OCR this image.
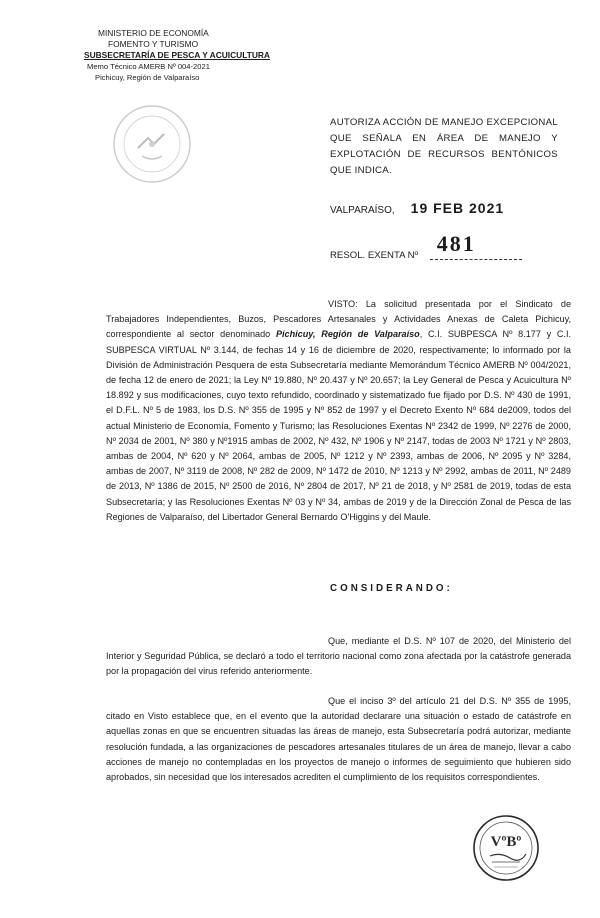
MINISTERIO DE ECONOMÍA
FOMENTO Y TURISMO
SUBSECRETARÍA DE PESCA Y ACUICULTURA
Memo Técnico AMERB Nº 004-2021
Pichicuy, Región de Valparaíso
AUTORIZA ACCIÓN DE MANEJO EXCEPCIONAL QUE SEÑALA EN ÁREA DE MANEJO Y EXPLOTACIÓN DE RECURSOS BENTÓNICOS QUE INDICA.
VALPARAÍSO, 19 FEB 2021
RESOL. EXENTA Nº 481
VISTO: La solicitud presentada por el Sindicato de Trabajadores Independientes, Buzos, Pescadores Artesanales y Actividades Anexas de Caleta Pichicuy, correspondiente al sector denominado Pichicuy, Región de Valparaíso, C.I. SUBPESCA Nº 8.177 y C.I. SUBPESCA VIRTUAL Nº 3.144, de fechas 14 y 16 de diciembre de 2020, respectivamente; lo informado por la División de Administración Pesquera de esta Subsecretaría mediante Memorándum Técnico AMERB Nº 004/2021, de fecha 12 de enero de 2021; la Ley Nº 19.880, Nº 20.437 y Nº 20.657; la Ley General de Pesca y Acuicultura Nº 18.892 y sus modificaciones, cuyo texto refundido, coordinado y sistematizado fue fijado por D.S. Nº 430 de 1991, el D.F.L. Nº 5 de 1983, los D.S. Nº 355 de 1995 y Nº 852 de 1997 y el Decreto Exento Nº 684 de2009, todos del actual Ministerio de Economía, Fomento y Turismo; las Resoluciones Exentas Nº 2342 de 1999, Nº 2276 de 2000, Nº 2034 de 2001, Nº 380 y Nº1915 ambas de 2002, Nº 432, Nº 1906 y Nº 2147, todas de 2003 Nº 1721 y Nº 2803, ambas de 2004, Nº 620 y Nº 2064, ambas de 2005, Nº 1212 y Nº 2393, ambas de 2006, Nº 2095 y Nº 3284, ambas de 2007, Nº 3119 de 2008, Nº 282 de 2009, Nº 1472 de 2010, Nº 1213 y Nº 2992, ambas de 2011, Nº 2489 de 2013, Nº 1386 de 2015, Nº 2500 de 2016, Nº 2804 de 2017, Nº 21 de 2018, y Nº 2581 de 2019, todas de esta Subsecretaría; y las Resoluciones Exentas Nº 03 y Nº 34, ambas de 2019 y de la Dirección Zonal de Pesca de las Regiones de Valparaíso, del Libertador General Bernardo O'Higgins y del Maule.
CONSIDERANDO:
Que, mediante el D.S. Nº 107 de 2020, del Ministerio del Interior y Seguridad Pública, se declaró a todo el territorio nacional como zona afectada por la catástrofe generada por la propagación del virus referido anteriormente.
Que el inciso 3º del artículo 21 del D.S. Nº 355 de 1995, citado en Visto establece que, en el evento que la autoridad declarare una situación o estado de catástrofe en aquellas zonas en que se encuentren situadas las áreas de manejo, esta Subsecretaría podrá autorizar, mediante resolución fundada, a las organizaciones de pescadores artesanales titulares de un área de manejo, llevar a cabo acciones de manejo no contempladas en los proyectos de manejo o informes de seguimiento que hubieren sido aprobados, sin necesidad que los interesados acrediten el cumplimiento de los requisitos correspondientes.
VºBº
